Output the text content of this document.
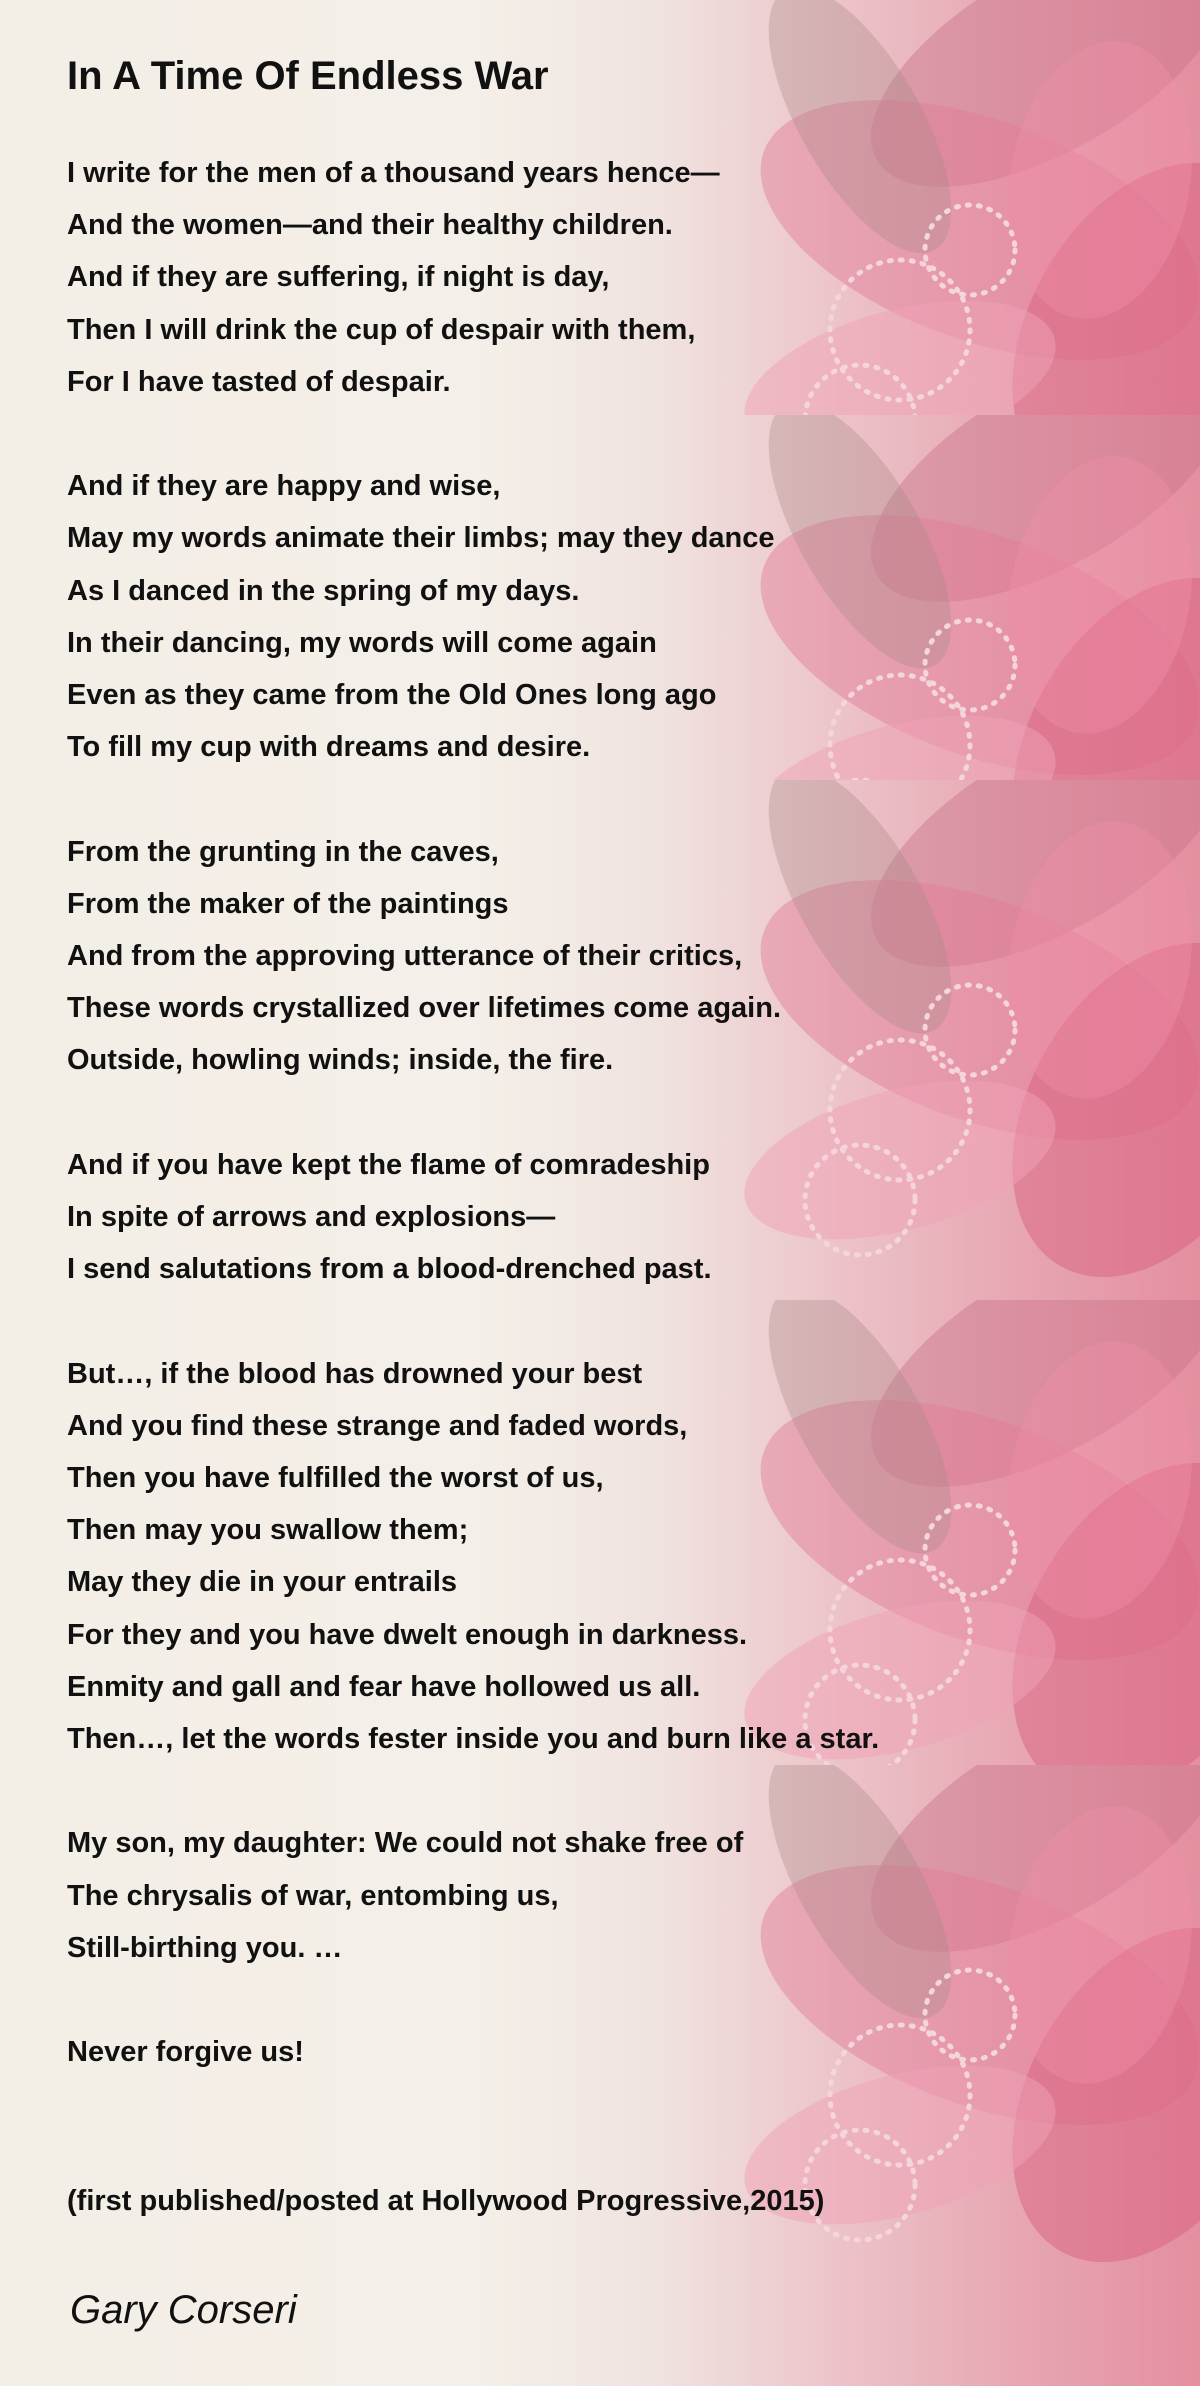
In A Time Of Endless War
I write for the men of a thousand years hence—
And the women—and their healthy children.
And if they are suffering, if night is day,
Then I will drink the cup of despair with them,
For I have tasted of despair.
And if they are happy and wise,
May my words animate their limbs; may they dance
As I danced in the spring of my days.
In their dancing, my words will come again
Even as they came from the Old Ones long ago
To fill my cup with dreams and desire.
From the grunting in the caves,
From the maker of the paintings
And from the approving utterance of their critics,
These words crystallized over lifetimes come again.
Outside, howling winds; inside, the fire.
And if you have kept the flame of comradeship
In spite of arrows and explosions—
I send salutations from a blood-drenched past.
But…, if the blood has drowned your best
And you find these strange and faded words,
Then you have fulfilled the worst of us,
Then may you swallow them;
May they die in your entrails
For they and you have dwelt enough in darkness.
Enmity and gall and fear have hollowed us all.
Then…, let the words fester inside you and burn like a star.
My son, my daughter: We could not shake free of
The chrysalis of war, entombing us,
Still-birthing you. …
Never forgive us!
(first published/posted at Hollywood Progressive,2015)
Gary Corseri
